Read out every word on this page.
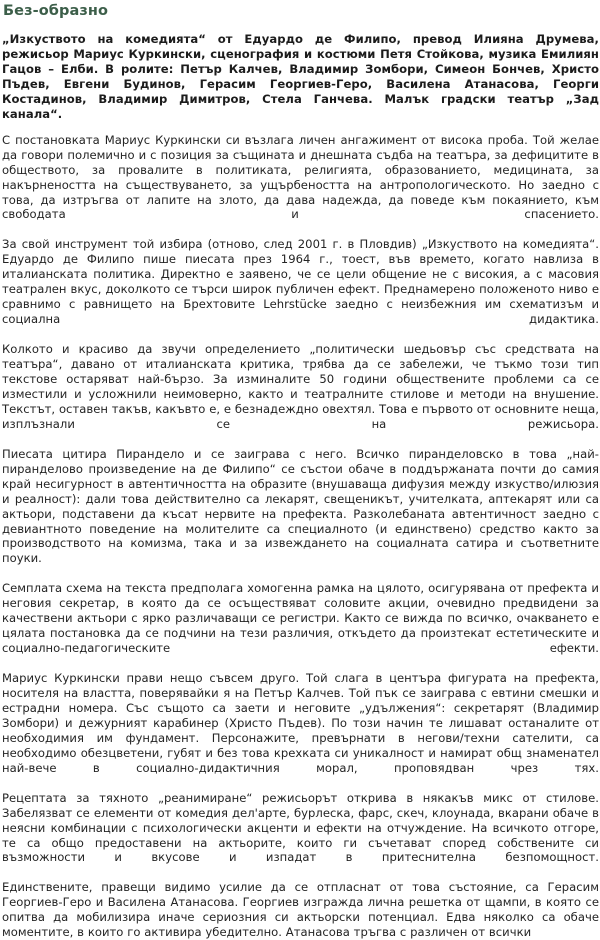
Без-образно

„Изкуството на комедията“ от Едуардо де Филипо, превод Илияна Друмева, режисьор Мариус Куркински, сценография и костюми Петя Стойкова, музика Емилиян Гацов – Елби. В ролите: Петър Калчев, Владимир Зомбори, Симеон Бончев, Христо Пъдев, Евгени Будинов, Герасим Георгиев-Геро, Василена Атанасова, Георги Костадинов, Владимир Димитров, Стела Ганчева. Малък градски театър „Зад канала“.

С постановката Мариус Куркински си възлага личен ангажимент от висока проба. Той желае да говори полемично и с позиция за същината и днешната съдба на театъра, за дефицитите в обществото, за провалите в политиката, религията, образованието, медицината, за накърнеността на съществуването, за ущърбеността на антропологическото. Но заедно с това, да изтръгва от лапите на злото, да дава надежда, да поведе към покаянието, към свободата и спасението.

За свой инструмент той избира (отново, след 2001 г. в Пловдив) „Изкуството на комедията“. Едуардо де Филипо пише пиесата през 1964 г., тоест, във времето, когато навлиза в италианската политика. Директно е заявено, че се цели общение не с високия, а с масовия театрален вкус, доколкото се търси широк публичен ефект. Преднамерено положеното ниво е сравнимо с равнището на Брехтовите Lehrstücke заедно с неизбежния им схематизъм и социална дидактика.

Колкото и красиво да звучи определението „политически шедьовър със средствата на театъра“, давано от италианската критика, трябва да се забележи, че тъкмо този тип текстове остаряват най-бързо. За изминалите 50 години обществените проблеми са се изместили и усложнили неимоверно, както и театралните стилове и методи на внушение. Текстът, оставен такъв, какъвто е, е безнадеждно овехтял. Това е първото от основните неща, изплъзнали се на режисьора.

Пиесата цитира Пирандело и се заиграва с него. Всичко пиранделовско в това „най-пиранделово произведение на де Филипо“ се състои обаче в поддържаната почти до самия край несигурност в автентичността на образите (внушаваща дифузия между изкуство/илюзия и реалност): дали това действително са лекарят, свещеникът, учителката, аптекарят или са актьори, подставени да късат нервите на префекта. Разколебаната автентичност заедно с девиантното поведение на молителите са специалното (и единствено) средство както за производството на комизма, така и за извеждането на социалната сатира и съответните поуки.

Семплата схема на текста предполага хомогенна рамка на цялото, осигурявана от префекта и неговия секретар, в която да се осъществяват соловите акции, очевидно предвидени за качествени актьори с ярко различаващи се регистри. Както се вижда по всичко, очакването е цялата постановка да се подчини на тези различия, откъдето да произтекат естетическите и социално-педагогическите ефекти.

Мариус Куркински прави нещо съвсем друго. Той слага в центъра фигурата на префекта, носителя на властта, поверявайки я на Петър Калчев. Той пък се заиграва с евтини смешки и естрадни номера. Със същото са заети и неговите „удължения“: секретарят (Владимир Зомбори) и дежурният карабинер (Христо Пъдев). По този начин те лишават останалите от необходимия им фундамент. Персонажите, превърнати в негови/техни сателити, са необходимо обезцветени, губят и без това крехката си уникалност и намират общ знаменател най-вече в социално-дидактичния морал, проповядван чрез тях.

Рецептата за тяхното „реанимиране“ режисьорът открива в някакъв микс от стилове. Забелязват се елементи от комедия дел'арте, бурлеска, фарс, скеч, клоунада, вкарани обаче в неясни комбинации с психологически акценти и ефекти на отчуждение. На всичкото отгоре, те са общо предоставени на актьорите, които ги съчетават според собствените си възможности и вкусове и изпадат в притеснителна безпомощност.

Единствените, правещи видимо усилие да се отпласнат от това състояние, са Герасим Георгиев-Геро и Василена Атанасова. Георгиев изгражда лична решетка от щампи, в която се опитва да мобилизира иначе сериозния си актьорски потенциал. Едва няколко са обаче моментите, в които го активира убедително. Атанасова тръгва с различен от всички
